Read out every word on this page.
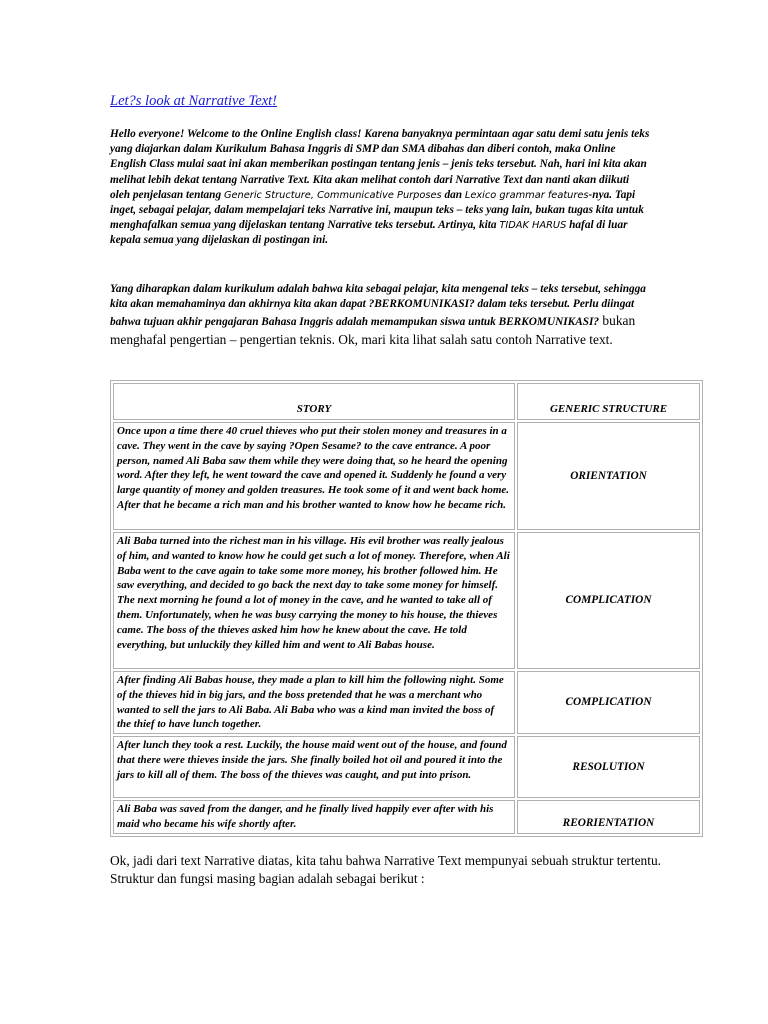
Let?s look at Narrative Text!

Hello everyone! Welcome to the Online English class! Karena banyaknya permintaan agar satu demi satu jenis teks yang diajarkan dalam Kurikulum Bahasa Inggris di SMP dan SMA dibahas dan diberi contoh, maka Online English Class mulai saat ini akan memberikan postingan tentang jenis – jenis teks tersebut. Nah, hari ini kita akan melihat lebih dekat tentang Narrative Text. Kita akan melihat contoh dari Narrative Text dan nanti akan diikuti oleh penjelasan tentang Generic Structure, Communicative Purposes dan Lexico grammar features-nya. Tapi inget, sebagai pelajar, dalam mempelajari teks Narrative ini, maupun teks – teks yang lain, bukan tugas kita untuk menghafalkan semua yang dijelaskan tentang Narrative teks tersebut. Artinya, kita TIDAK HARUS hafal di luar kepala semua yang dijelaskan di postingan ini.

Yang diharapkan dalam kurikulum adalah bahwa kita sebagai pelajar, kita mengenal teks – teks tersebut, sehingga kita akan memahaminya dan akhirnya kita akan dapat ?BERKOMUNIKASI? dalam teks tersebut. Perlu diingat bahwa tujuan akhir pengajaran Bahasa Inggris adalah memampukan siswa untuk BERKOMUNIKASI? bukan menghafal pengertian – pengertian teknis. Ok, mari kita lihat salah satu contoh Narrative text.

STORY	GENERIC STRUCTURE
Once upon a time there 40 cruel thieves who put their stolen money and treasures in a cave. They went in the cave by saying ?Open Sesame? to the cave entrance. A poor person, named Ali Baba saw them while they were doing that, so he heard the opening word. After they left, he went toward the cave and opened it. Suddenly he found a very large quantity of money and golden treasures. He took some of it and went back home. After that he became a rich man and his brother wanted to know how he became rich.	ORIENTATION
Ali Baba turned into the richest man in his village. His evil brother was really jealous of him, and wanted to know how he could get such a lot of money. Therefore, when Ali Baba went to the cave again to take some more money, his brother followed him. He saw everything, and decided to go back the next day to take some money for himself. The next morning he found a lot of money in the cave, and he wanted to take all of them. Unfortunately, when he was busy carrying the money to his house, the thieves came. The boss of the thieves asked him how he knew about the cave. He told everything, but unluckily they killed him and went to Ali Babas house.	COMPLICATION
After finding Ali Babas house, they made a plan to kill him the following night. Some of the thieves hid in big jars, and the boss pretended that he was a merchant who wanted to sell the jars to Ali Baba. Ali Baba who was a kind man invited the boss of the thief to have lunch together.	COMPLICATION
After lunch they took a rest. Luckily, the house maid went out of the house, and found that there were thieves inside the jars. She finally boiled hot oil and poured it into the jars to kill all of them. The boss of the thieves was caught, and put into prison.	RESOLUTION
Ali Baba was saved from the danger, and he finally lived happily ever after with his maid who became his wife shortly after.	REORIENTATION

Ok, jadi dari text Narrative diatas, kita tahu bahwa Narrative Text mempunyai sebuah struktur tertentu. Struktur dan fungsi masing bagian adalah sebagai berikut :
